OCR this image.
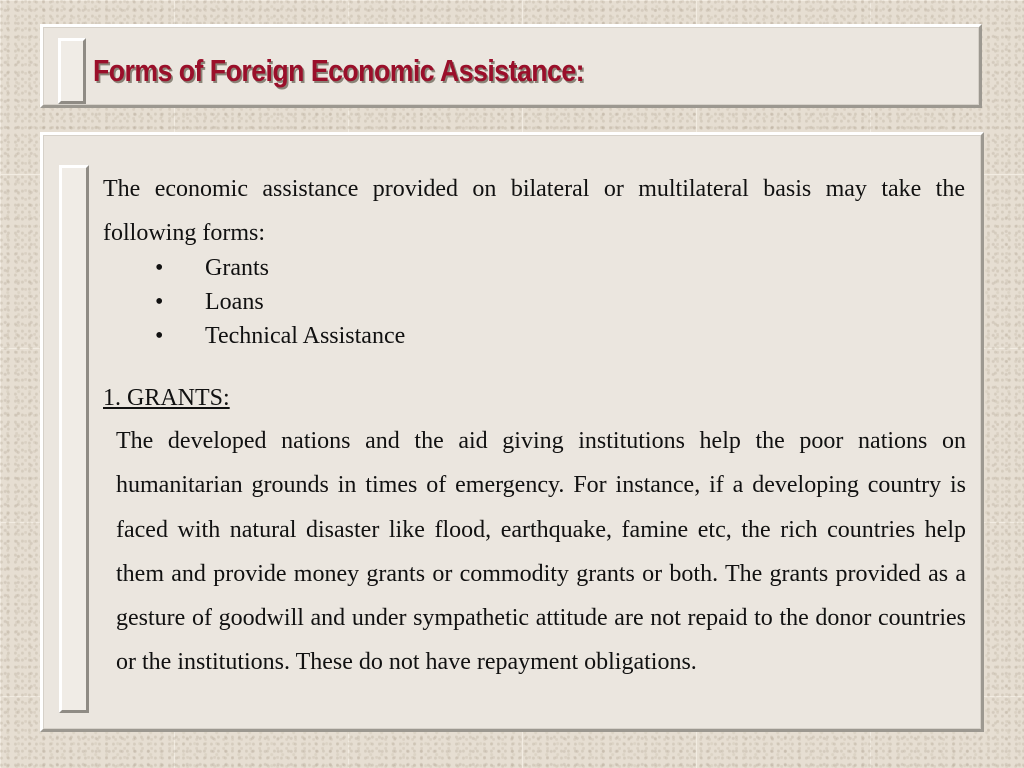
Forms of Foreign Economic Assistance:

The economic assistance provided on bilateral or multilateral basis may take the following forms:

• Grants
• Loans
• Technical Assistance
1. GRANTS:

The developed nations and the aid giving institutions help the poor nations on humanitarian grounds in times of emergency. For instance, if a developing country is faced with natural disaster like flood, earthquake, famine etc, the rich countries help them and provide money grants or commodity grants or both. The grants provided as a gesture of goodwill and under sympathetic attitude are not repaid to the donor countries or the institutions. These do not have repayment obligations.
